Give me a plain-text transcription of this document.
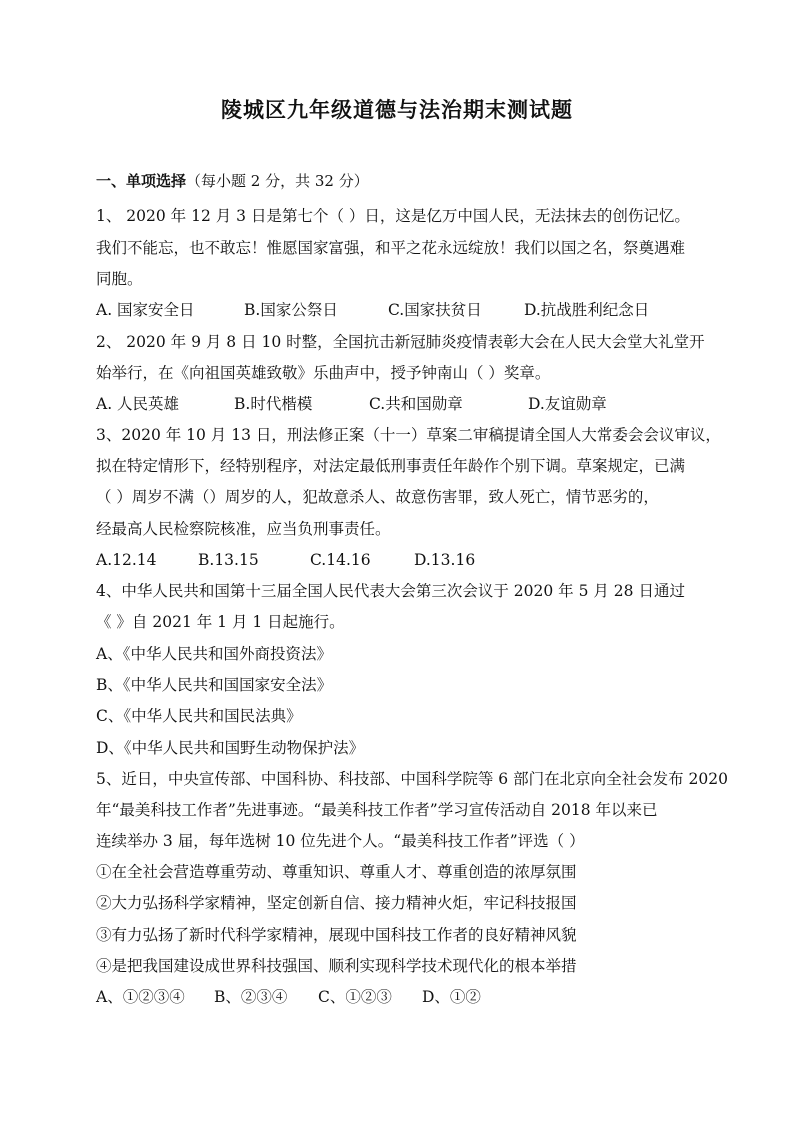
陵城区九年级道德与法治期末测试题
一、单项选择（每小题 2 分，共 32 分）
1、 2020 年 12 月 3 日是第七个（ ）日，这是亿万中国人民，无法抹去的创伤记忆。
我们不能忘，也不敢忘！惟愿国家富强，和平之花永远绽放！我们以国之名，祭奠遇难
同胞。
A. 国家安全日	B.国家公祭日	C.国家扶贫日	D.抗战胜利纪念日
2、 2020 年 9 月 8 日 10 时整，全国抗击新冠肺炎疫情表彰大会在人民大会堂大礼堂开
始举行，在《向祖国英雄致敬》乐曲声中，授予钟南山（ ）奖章。
A. 人民英雄	B.时代楷模	C.共和国勋章	D.友谊勋章
3、2020 年 10 月 13 日，刑法修正案（十一）草案二审稿提请全国人大常委会会议审议，
拟在特定情形下，经特别程序，对法定最低刑事责任年龄作个别下调。草案规定，已满
（ ）周岁不满（）周岁的人，犯故意杀人、故意伤害罪，致人死亡，情节恶劣的，
经最高人民检察院核准，应当负刑事责任。
A.12.14	B.13.15	C.14.16	D.13.16
4、中华人民共和国第十三届全国人民代表大会第三次会议于 2020 年 5 月 28 日通过
《 》自 2021 年 1 月 1 日起施行。
A、《中华人民共和国外商投资法》
B、《中华人民共和国国家安全法》
C、《中华人民共和国民法典》
D、《中华人民共和国野生动物保护法》
5、近日，中央宣传部、中国科协、科技部、中国科学院等 6 部门在北京向全社会发布 2020
年“最美科技工作者”先进事迹。“最美科技工作者”学习宣传活动自 2018 年以来已
连续举办 3 届，每年选树 10 位先进个人。“最美科技工作者”评选（ ）
①在全社会营造尊重劳动、尊重知识、尊重人才、尊重创造的浓厚氛围
②大力弘扬科学家精神，坚定创新自信、接力精神火炬，牢记科技报国
③有力弘扬了新时代科学家精神，展现中国科技工作者的良好精神风貌
④是把我国建设成世界科技强国、顺利实现科学技术现代化的根本举措
A、①②③④ B、②③④ C、①②③ D、①②
